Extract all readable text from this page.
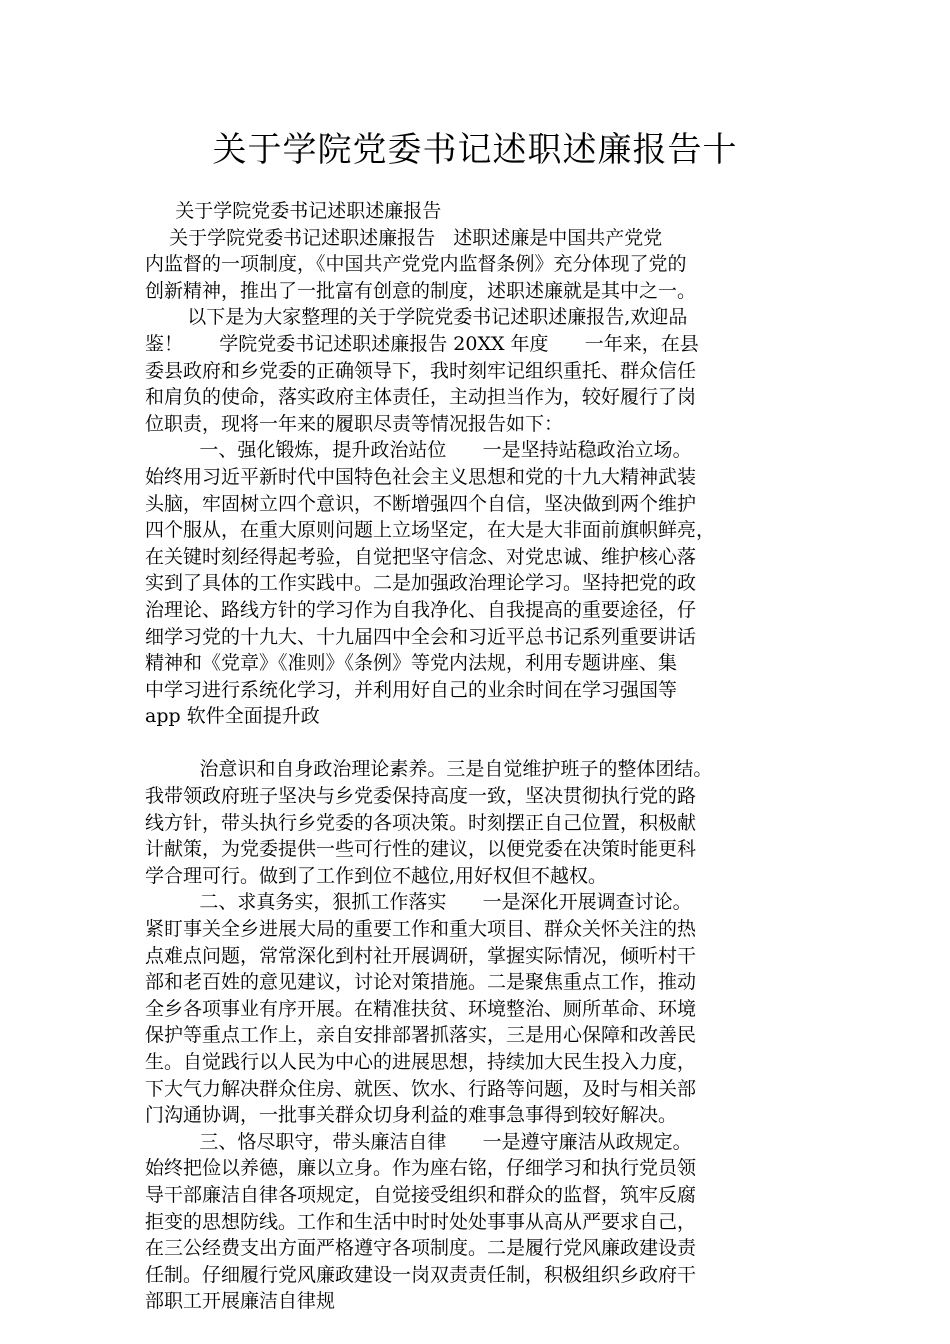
关于学院党委书记述职述廉报告十
关于学院党委书记述职述廉报告
关于学院党委书记述职述廉报告   述职述廉是中国共产党党
内监督的一项制度，《中国共产党党内监督条例》充分体现了党的
创新精神，推出了一批富有创意的制度，述职述廉就是其中之一。
以下是为大家整理的关于学院党委书记述职述廉报告,欢迎品
鉴！      学院党委书记述职述廉报告 20XX 年度      一年来，在县
委县政府和乡党委的正确领导下，我时刻牢记组织重托、群众信任
和肩负的使命，落实政府主体责任，主动担当作为，较好履行了岗
位职责，现将一年来的履职尽责等情况报告如下：
一、强化锻炼，提升政治站位      一是坚持站稳政治立场。
始终用习近平新时代中国特色社会主义思想和党的十九大精神武装
头脑，牢固树立四个意识，不断增强四个自信，坚决做到两个维护
四个服从，在重大原则问题上立场坚定，在大是大非面前旗帜鲜亮，
在关键时刻经得起考验，自觉把坚守信念、对党忠诚、维护核心落
实到了具体的工作实践中。二是加强政治理论学习。坚持把党的政
治理论、路线方针的学习作为自我净化、自我提高的重要途径，仔
细学习党的十九大、十九届四中全会和习近平总书记系列重要讲话
精神和《党章》《准则》《条例》等党内法规，利用专题讲座、集
中学习进行系统化学习，并利用好自己的业余时间在学习强国等
app 软件全面提升政
治意识和自身政治理论素养。三是自觉维护班子的整体团结。
我带领政府班子坚决与乡党委保持高度一致，坚决贯彻执行党的路
线方针，带头执行乡党委的各项决策。时刻摆正自己位置，积极献
计献策，为党委提供一些可行性的建议，以便党委在决策时能更科
学合理可行。做到了工作到位不越位,用好权但不越权。
二、求真务实，狠抓工作落实      一是深化开展调查讨论。
紧盯事关全乡进展大局的重要工作和重大项目、群众关怀关注的热
点难点问题，常常深化到村社开展调研，掌握实际情况，倾听村干
部和老百姓的意见建议，讨论对策措施。二是聚焦重点工作，推动
全乡各项事业有序开展。在精准扶贫、环境整治、厕所革命、环境
保护等重点工作上，亲自安排部署抓落实，三是用心保障和改善民
生。自觉践行以人民为中心的进展思想，持续加大民生投入力度，
下大气力解决群众住房、就医、饮水、行路等问题，及时与相关部
门沟通协调，一批事关群众切身利益的难事急事得到较好解决。
三、恪尽职守，带头廉洁自律      一是遵守廉洁从政规定。
始终把俭以养德，廉以立身。作为座右铭，仔细学习和执行党员领
导干部廉洁自律各项规定，自觉接受组织和群众的监督，筑牢反腐
拒变的思想防线。工作和生活中时时处处事事从高从严要求自己，
在三公经费支出方面严格遵守各项制度。二是履行党风廉政建设责
任制。仔细履行党风廉政建设一岗双责责任制，积极组织乡政府干
部职工开展廉洁自律规
